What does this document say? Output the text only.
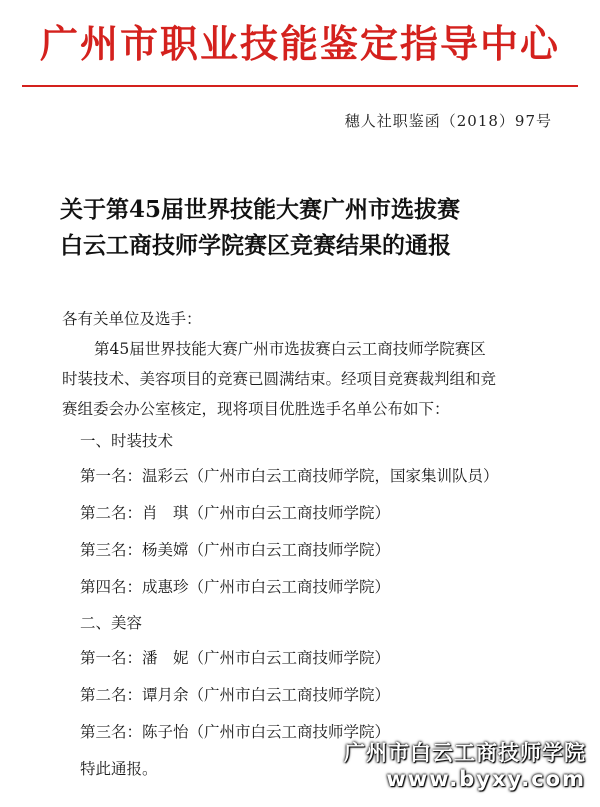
广州市职业技能鉴定指导中心
穗人社职鉴函（2018）97号
关于第45届世界技能大赛广州市选拔赛
白云工商技师学院赛区竞赛结果的通报
各有关单位及选手：
第45届世界技能大赛广州市选拔赛白云工商技师学院赛区
时装技术、美容项目的竞赛已圆满结束。经项目竞赛裁判组和竞
赛组委会办公室核定，现将项目优胜选手名单公布如下：
一、时装技术
第一名：温彩云（广州市白云工商技师学院，国家集训队员）
第二名：肖　琪（广州市白云工商技师学院）
第三名：杨美嫦（广州市白云工商技师学院）
第四名：成惠珍（广州市白云工商技师学院）
二、美容
第一名：潘　妮（广州市白云工商技师学院）
第二名：谭月余（广州市白云工商技师学院）
第三名：陈子怡（广州市白云工商技师学院）
特此通报。
广州市白云工商技师学院
www.byxy.com
